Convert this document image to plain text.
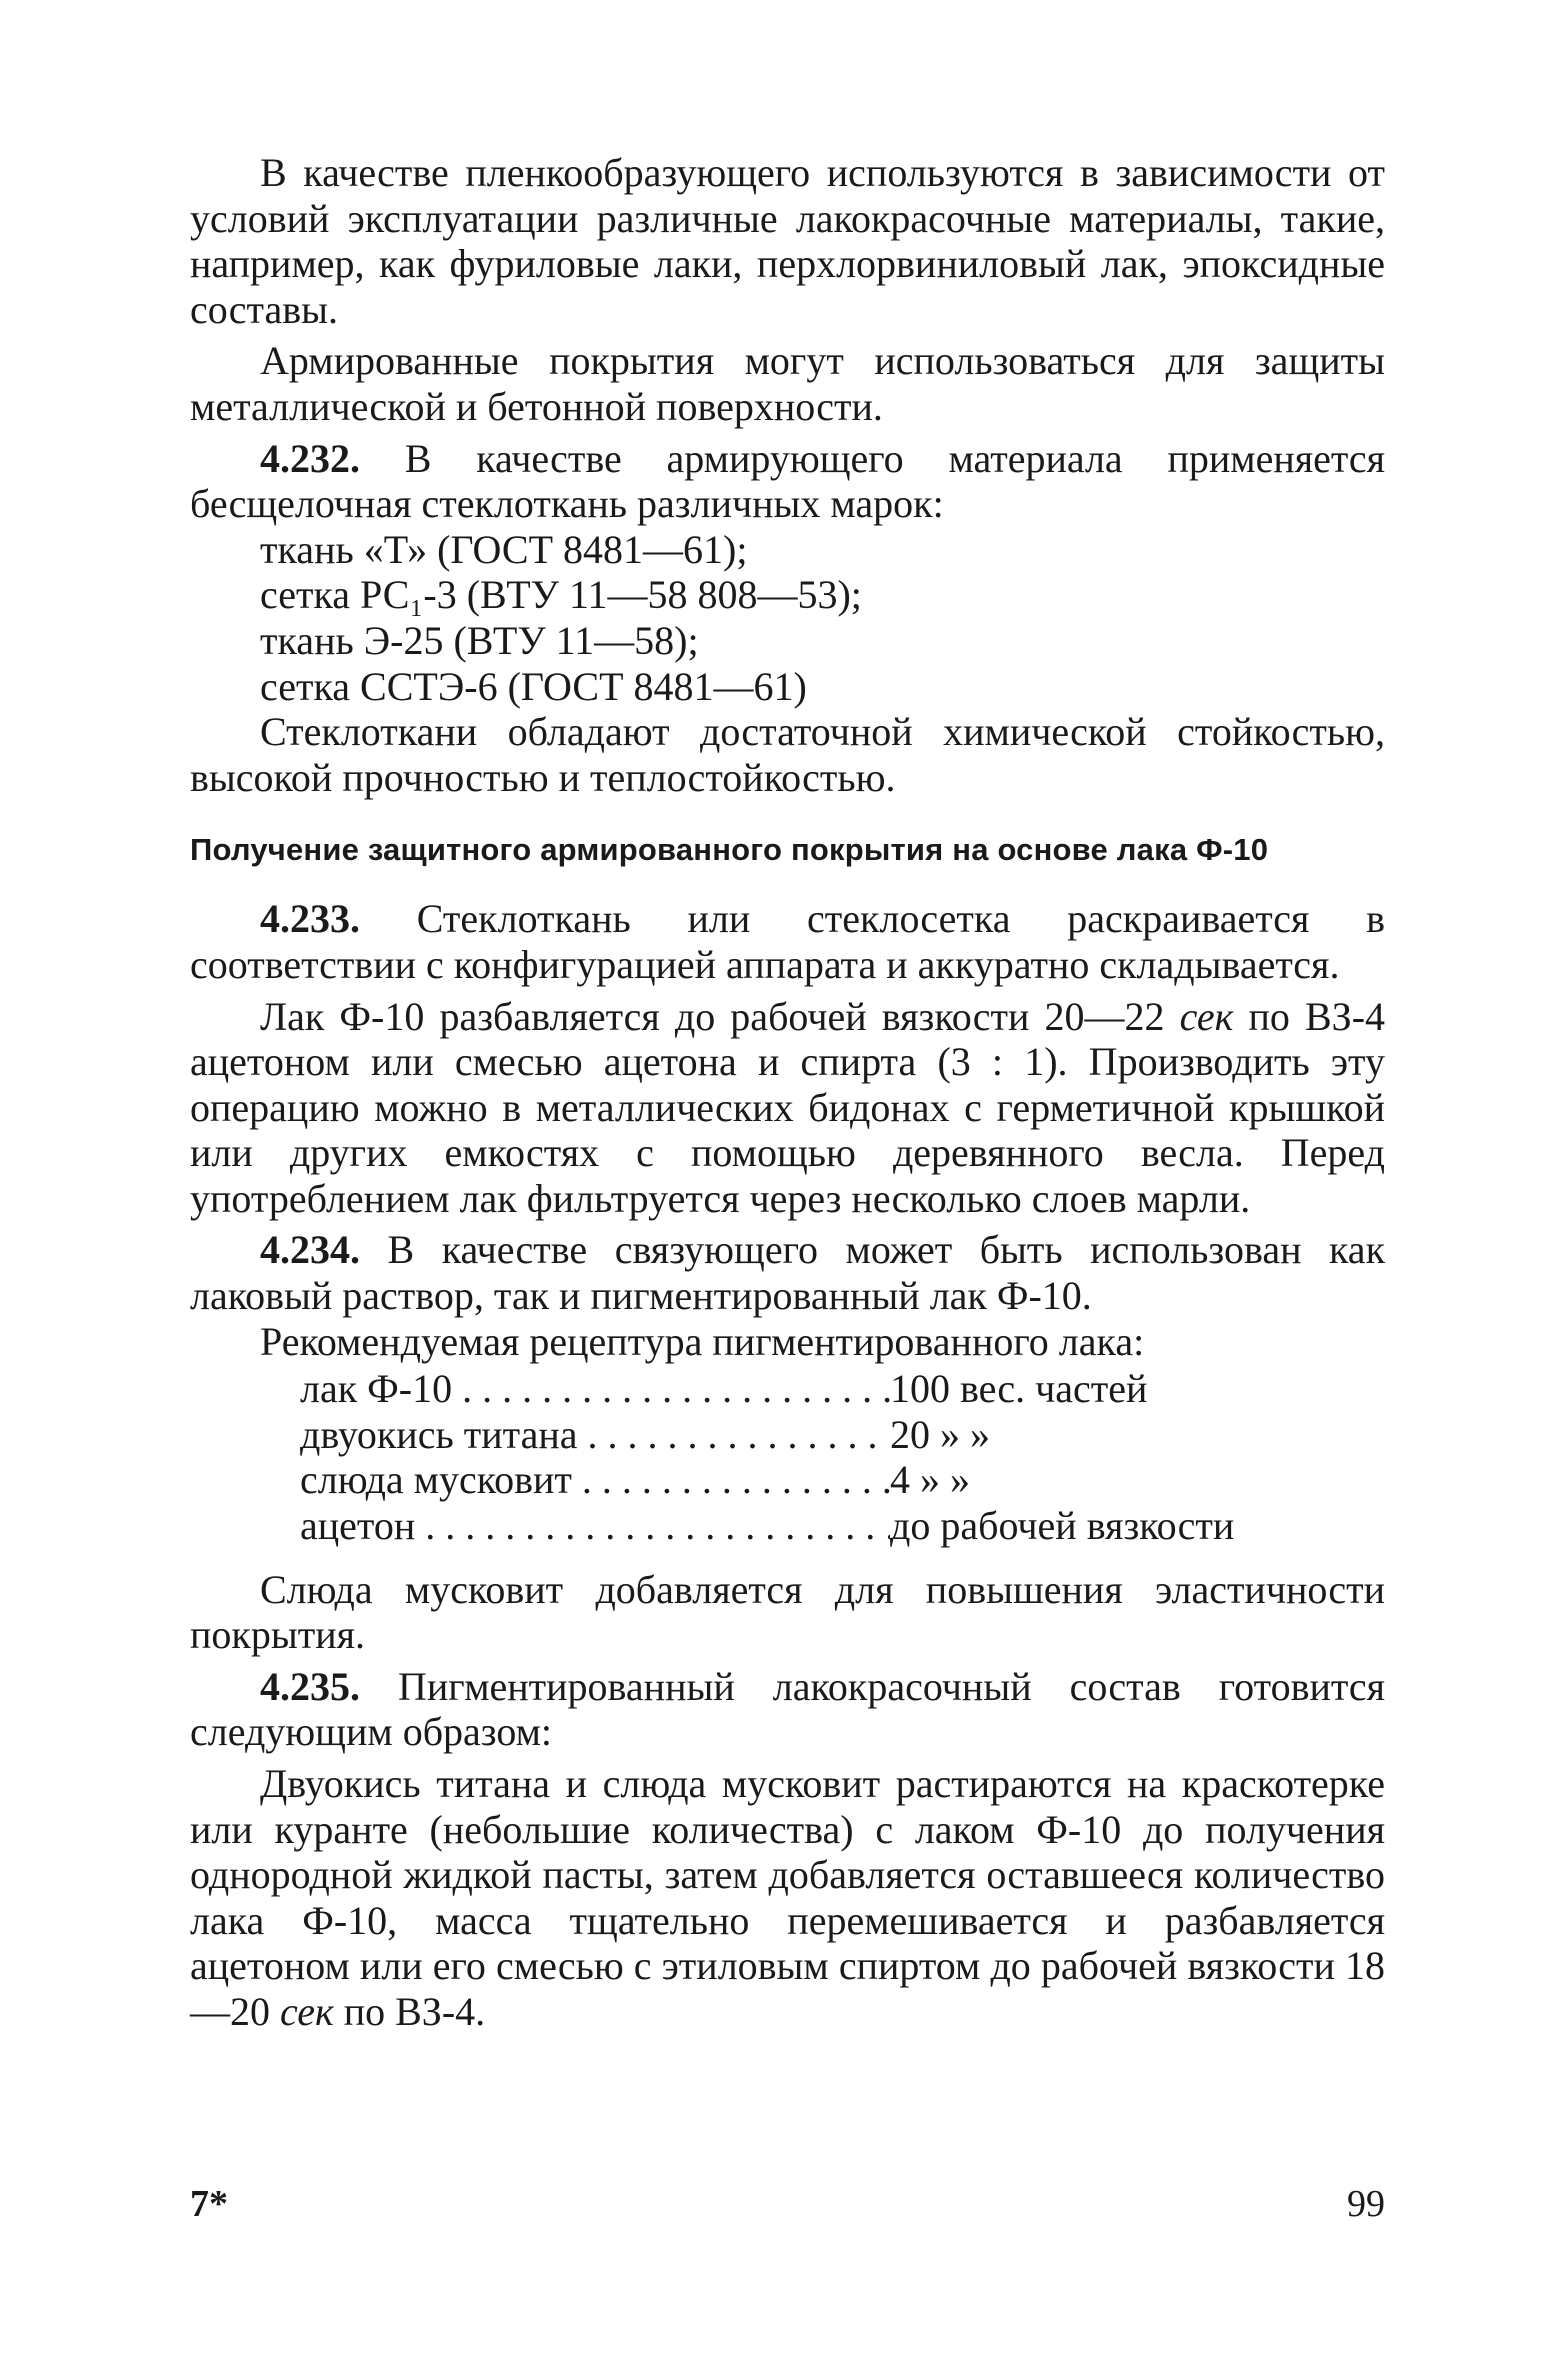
В качестве пленкообразующего используются в зависимости от условий эксплуатации различные лакокрасочные материалы, такие, например, как фуриловые лаки, перхлорвиниловый лак, эпоксидные составы.

Армированные покрытия могут использоваться для защиты металлической и бетонной поверхности.

4.232. В качестве армирующего материала применяется бесщелочная стеклоткань различных марок:

ткань «Т» (ГОСТ 8481—61);
сетка РС₁-3 (ВТУ 11—58 808—53);
ткань Э-25 (ВТУ 11—58);
сетка ССТЭ-6 (ГОСТ 8481—61)

Стеклоткани обладают достаточной химической стойкостью, высокой прочностью и теплостойкостью.

Получение защитного армированного покрытия на основе лака Ф-10

4.233. Стеклоткань или стеклосетка раскраивается в соответствии с конфигурацией аппарата и аккуратно складывается.

Лак Ф-10 разбавляется до рабочей вязкости 20—22 сек по ВЗ-4 ацетоном или смесью ацетона и спирта (3 : 1). Производить эту операцию можно в металлических бидонах с герметичной крышкой или других емкостях с помощью деревянного весла. Перед употреблением лак фильтруется через несколько слоев марли.

4.234. В качестве связующего может быть использован как лаковый раствор, так и пигментированный лак Ф-10.

Рекомендуемая рецептура пигментированного лака:

лак Ф-10 . . .	100 вес. частей
двуокись титана . . .	20 » »
слюда мусковит . . .	4 » »
ацетон . . .	до рабочей вязкости

Слюда мусковит добавляется для повышения эластичности покрытия.

4.235. Пигментированный лакокрасочный состав готовится следующим образом:

Двуокись титана и слюда мусковит растираются на краскотерке или куранте (небольшие количества) с лаком Ф-10 до получения однородной жидкой пасты, затем добавляется оставшееся количество лака Ф-10, масса тщательно перемешивается и разбавляется ацетоном или его смесью с этиловым спиртом до рабочей вязкости 18—20 сек по ВЗ-4.

7*	99
